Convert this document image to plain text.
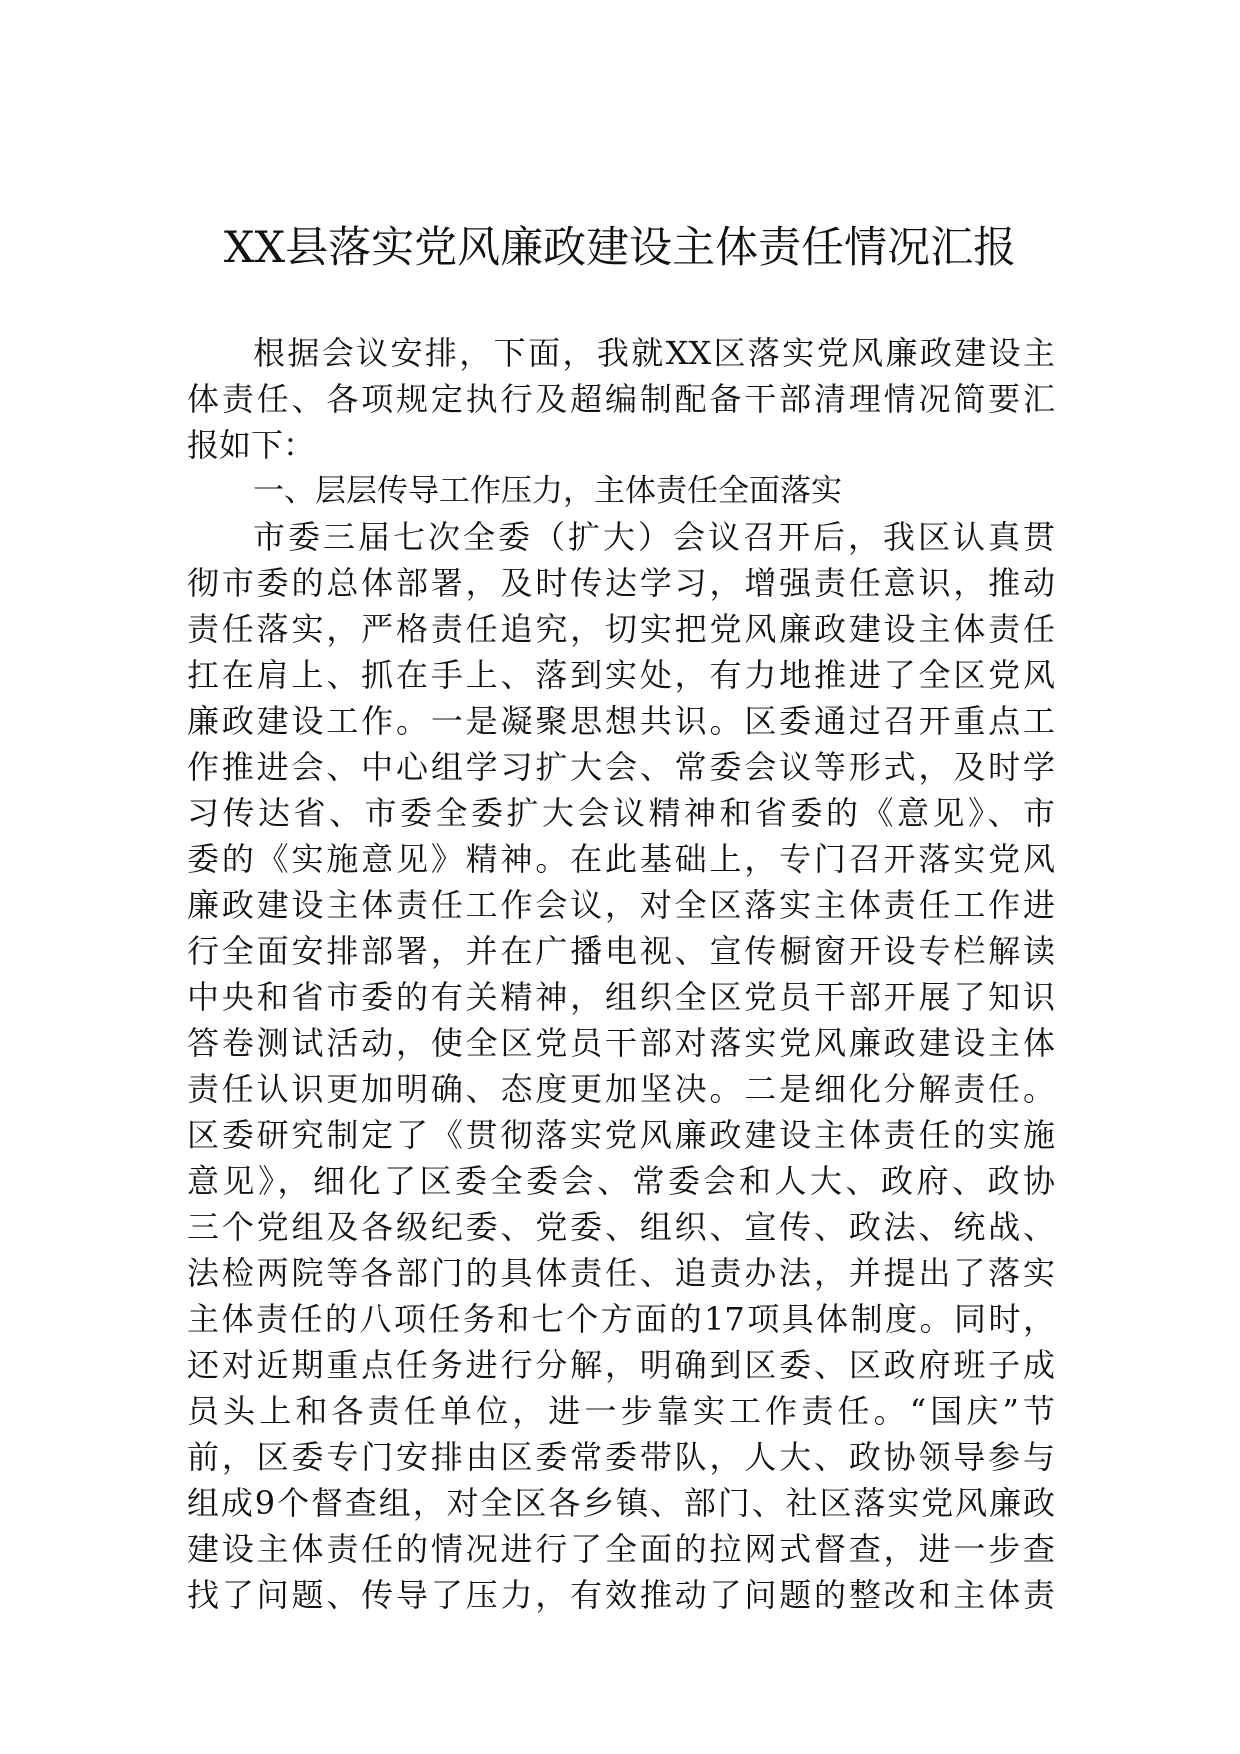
XX县落实党风廉政建设主体责任情况汇报
根据会议安排，下面，我就XX区落实党风廉政建设主
体责任、各项规定执行及超编制配备干部清理情况简要汇
报如下：
一、层层传导工作压力，主体责任全面落实
市委三届七次全委（扩大）会议召开后，我区认真贯
彻市委的总体部署，及时传达学习，增强责任意识，推动
责任落实，严格责任追究，切实把党风廉政建设主体责任
扛在肩上、抓在手上、落到实处，有力地推进了全区党风
廉政建设工作。一是凝聚思想共识。区委通过召开重点工
作推进会、中心组学习扩大会、常委会议等形式，及时学
习传达省、市委全委扩大会议精神和省委的《意见》、市
委的《实施意见》精神。在此基础上，专门召开落实党风
廉政建设主体责任工作会议，对全区落实主体责任工作进
行全面安排部署，并在广播电视、宣传橱窗开设专栏解读
中央和省市委的有关精神，组织全区党员干部开展了知识
答卷测试活动，使全区党员干部对落实党风廉政建设主体
责任认识更加明确、态度更加坚决。二是细化分解责任。
区委研究制定了《贯彻落实党风廉政建设主体责任的实施
意见》，细化了区委全委会、常委会和人大、政府、政协
三个党组及各级纪委、党委、组织、宣传、政法、统战、
法检两院等各部门的具体责任、追责办法，并提出了落实
主体责任的八项任务和七个方面的17项具体制度。同时，
还对近期重点任务进行分解，明确到区委、区政府班子成
员头上和各责任单位，进一步靠实工作责任。“国庆”节
前，区委专门安排由区委常委带队，人大、政协领导参与
组成9个督查组，对全区各乡镇、部门、社区落实党风廉政
建设主体责任的情况进行了全面的拉网式督查，进一步查
找了问题、传导了压力，有效推动了问题的整改和主体责
